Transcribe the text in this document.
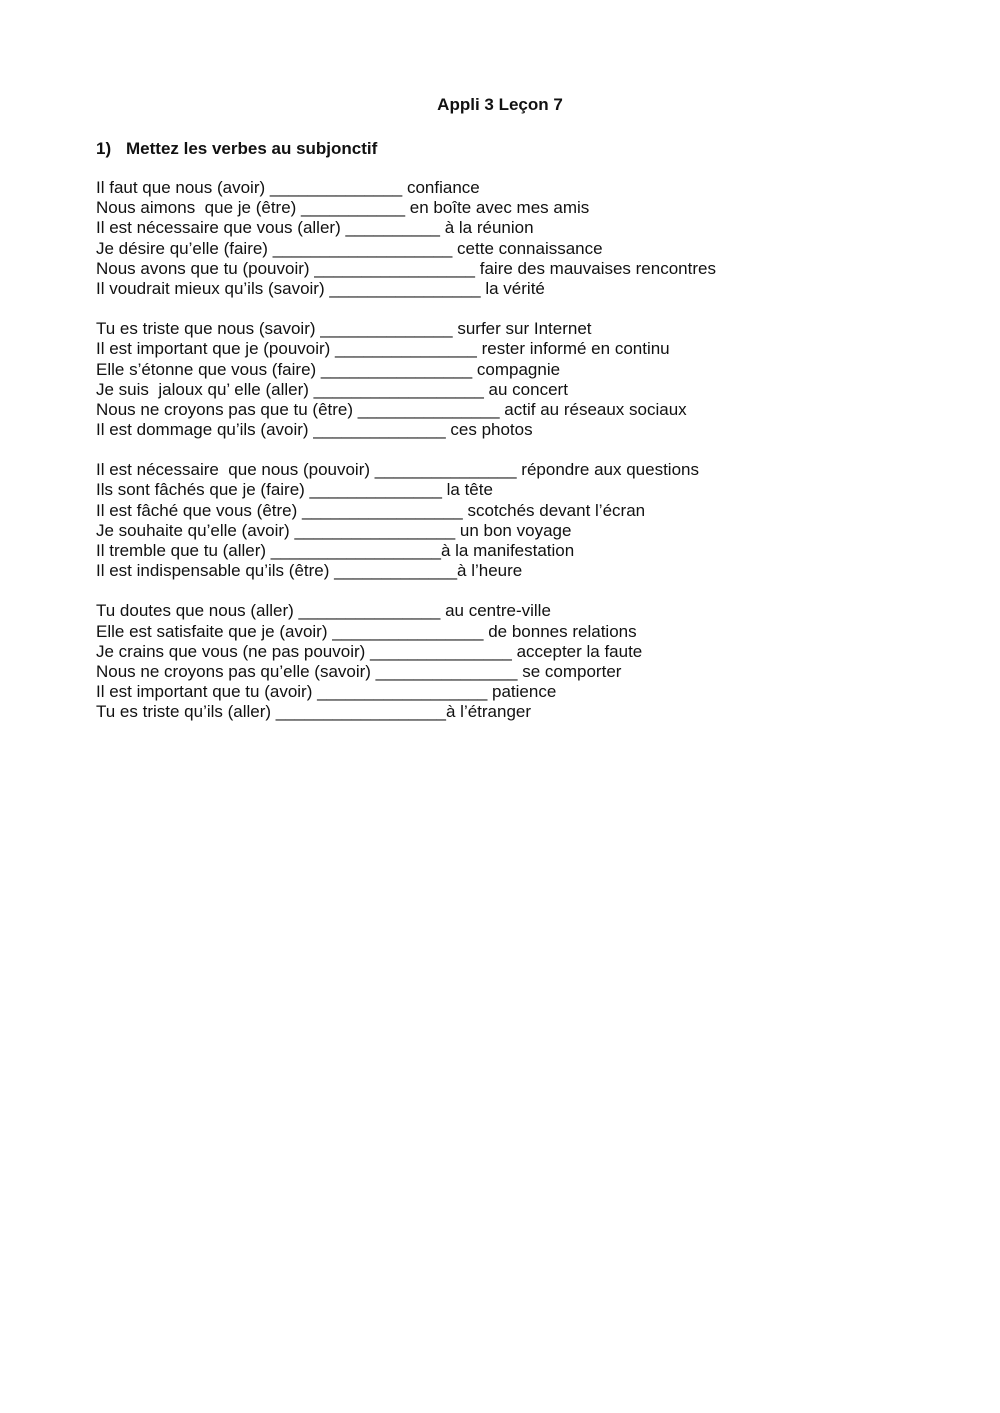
Appli 3 Leçon 7
1) Mettez les verbes au subjonctif
Il faut que nous (avoir) ______________ confiance
Nous aimons  que je (être) ___________ en boîte avec mes amis
Il est nécessaire que vous (aller) __________ à la réunion
Je désire qu’elle (faire) ___________________ cette connaissance
Nous avons que tu (pouvoir) _________________ faire des mauvaises rencontres
Il voudrait mieux qu’ils (savoir) ________________ la vérité
Tu es triste que nous (savoir) ______________ surfer sur Internet
Il est important que je (pouvoir) _______________ rester informé en continu
Elle s’étonne que vous (faire) ________________ compagnie
Je suis  jaloux qu’ elle (aller) __________________ au concert
Nous ne croyons pas que tu (être) _______________ actif au réseaux sociaux
Il est dommage qu’ils (avoir) ______________ ces photos
Il est nécessaire  que nous (pouvoir) _______________ répondre aux questions
Ils sont fâchés que je (faire) ______________ la tête
Il est fâché que vous (être) _________________ scotchés devant l’écran
Je souhaite qu’elle (avoir) _________________ un bon voyage
Il tremble que tu (aller) __________________à la manifestation
Il est indispensable qu’ils (être) _____________à l’heure
Tu doutes que nous (aller) _______________ au centre-ville
Elle est satisfaite que je (avoir) ________________ de bonnes relations
Je crains que vous (ne pas pouvoir) _______________ accepter la faute
Nous ne croyons pas qu’elle (savoir) _______________ se comporter
Il est important que tu (avoir) __________________ patience
Tu es triste qu’ils (aller) __________________à l’étranger
